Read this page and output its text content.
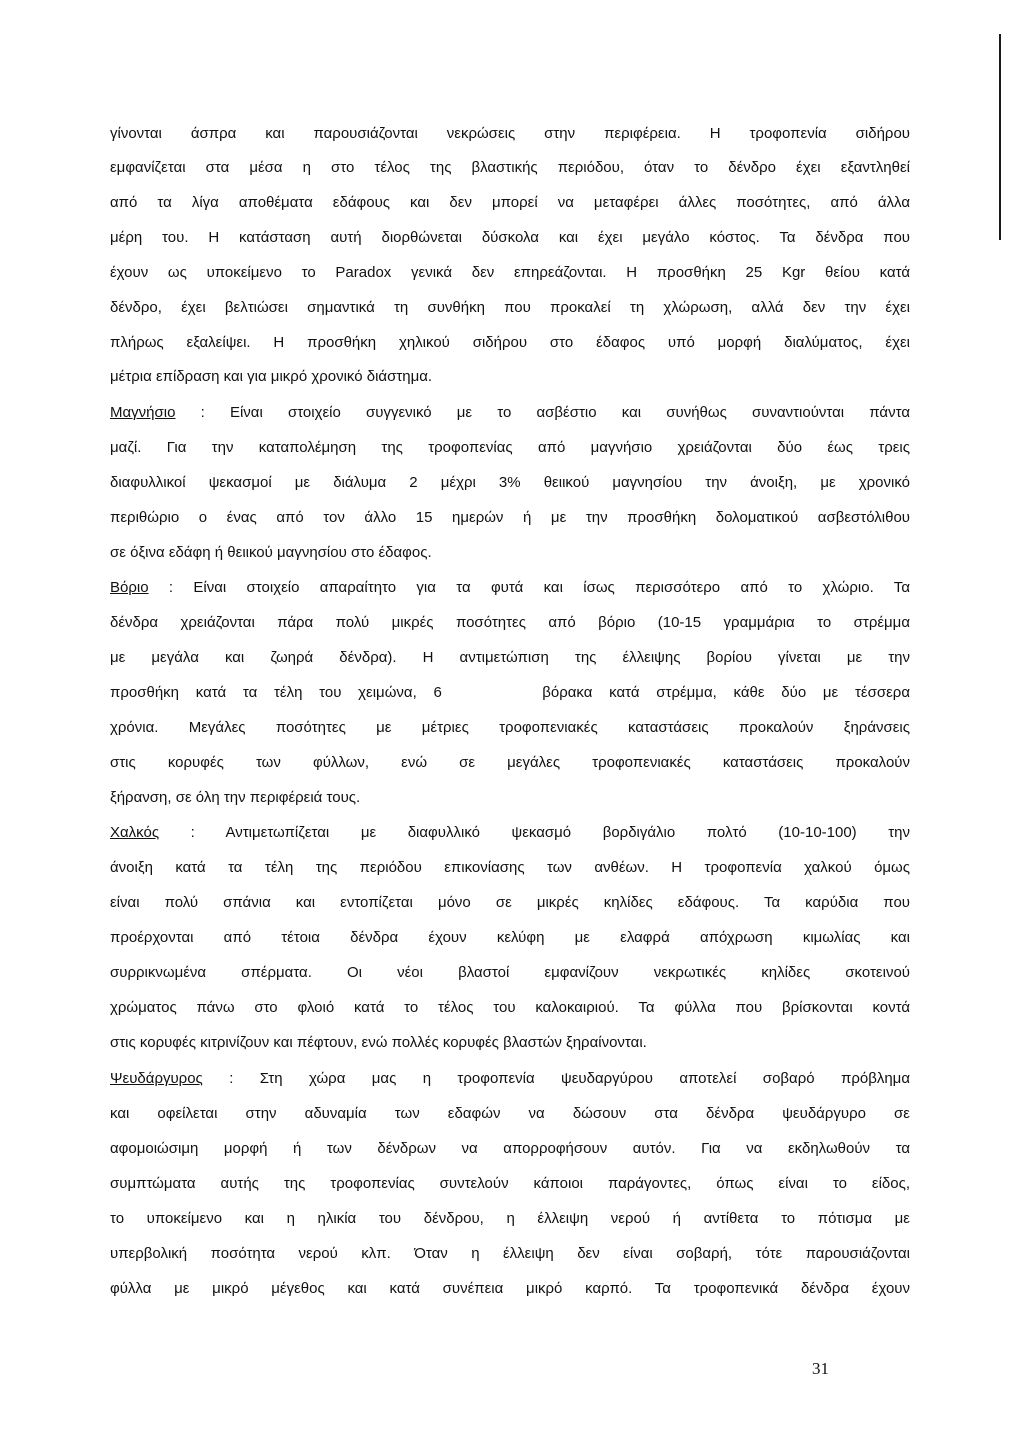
γίνονται άσπρα και παρουσιάζονται νεκρώσεις στην περιφέρεια. Η τροφοπενία σιδήρου
εμφανίζεται στα μέσα η στο τέλος της βλαστικής περιόδου, όταν το δένδρο έχει εξαντληθεί
από τα λίγα αποθέματα εδάφους και δεν μπορεί να μεταφέρει άλλες ποσότητες, από άλλα
μέρη του. Η κατάσταση αυτή διορθώνεται δύσκολα και έχει μεγάλο κόστος. Τα δένδρα που
έχουν ως υποκείμενο το Paradox γενικά δεν επηρεάζονται. Η προσθήκη 25 Kgr θείου κατά
δένδρο, έχει βελτιώσει σημαντικά τη συνθήκη που προκαλεί τη χλώρωση, αλλά δεν την έχει
πλήρως εξαλείψει. Η προσθήκη χηλικού σιδήρου στο έδαφος υπό μορφή διαλύματος, έχει
μέτρια επίδραση και για μικρό χρονικό διάστημα.
Μαγνήσιο : Είναι στοιχείο συγγενικό με το ασβέστιο και συνήθως συναντιούνται πάντα
μαζί. Για την καταπολέμηση της τροφοπενίας από μαγνήσιο χρειάζονται δύο έως τρεις
διαφυλλικοί ψεκασμοί με διάλυμα 2 μέχρι 3% θειικού μαγνησίου την άνοιξη, με χρονικό
περιθώριο ο ένας από τον άλλο 15 ημερών ή με την προσθήκη δολοματικού ασβεστόλιθου
σε όξινα εδάφη ή θειικού μαγνησίου στο έδαφος.
Βόριο : Είναι στοιχείο απαραίτητο για τα φυτά και ίσως περισσότερο από το χλώριο. Τα
δένδρα χρειάζονται πάρα πολύ μικρές ποσότητες από βόριο (10-15 γραμμάρια το στρέμμα
με μεγάλα και ζωηρά δένδρα). Η αντιμετώπιση της έλλειψης βορίου γίνεται με την
προσθήκη κατά τα τέλη του χειμώνα, 6      βόρακα κατά στρέμμα, κάθε δύο με τέσσερα
χρόνια. Μεγάλες ποσότητες με μέτριες τροφοπενιακές καταστάσεις προκαλούν ξηράνσεις
στις κορυφές των φύλλων, ενώ σε μεγάλες τροφοπενιακές καταστάσεις προκαλούν
ξήρανση, σε όλη την περιφέρειά τους.
Χαλκός : Αντιμετωπίζεται με διαφυλλικό ψεκασμό βορδιγάλιο πολτό (10-10-100) την
άνοιξη κατά τα τέλη της περιόδου επικονίασης των ανθέων. Η τροφοπενία χαλκού όμως
είναι πολύ σπάνια και εντοπίζεται μόνο σε μικρές κηλίδες εδάφους. Τα καρύδια που
προέρχονται από τέτοια δένδρα έχουν κελύφη με ελαφρά απόχρωση κιμωλίας και
συρρικνωμένα σπέρματα. Οι νέοι βλαστοί εμφανίζουν νεκρωτικές κηλίδες σκοτεινού
χρώματος πάνω στο φλοιό κατά το τέλος του καλοκαιριού. Τα φύλλα που βρίσκονται κοντά
στις κορυφές κιτρινίζουν και πέφτουν, ενώ πολλές κορυφές βλαστών ξηραίνονται.
Ψευδάργυρος : Στη χώρα μας η τροφοπενία ψευδαργύρου αποτελεί σοβαρό πρόβλημα
και οφείλεται στην αδυναμία των εδαφών να δώσουν στα δένδρα ψευδάργυρο σε
αφομοιώσιμη μορφή ή των δένδρων να απορροφήσουν αυτόν. Για να εκδηλωθούν τα
συμπτώματα αυτής της τροφοπενίας συντελούν κάποιοι παράγοντες, όπως είναι το είδος,
το υποκείμενο και η ηλικία του δένδρου, η έλλειψη νερού ή αντίθετα το πότισμα με
υπερβολική ποσότητα νερού κλπ. Όταν η έλλειψη δεν είναι σοβαρή, τότε παρουσιάζονται
φύλλα με μικρό μέγεθος και κατά συνέπεια μικρό καρπό. Τα τροφοπενικά δένδρα έχουν
31
